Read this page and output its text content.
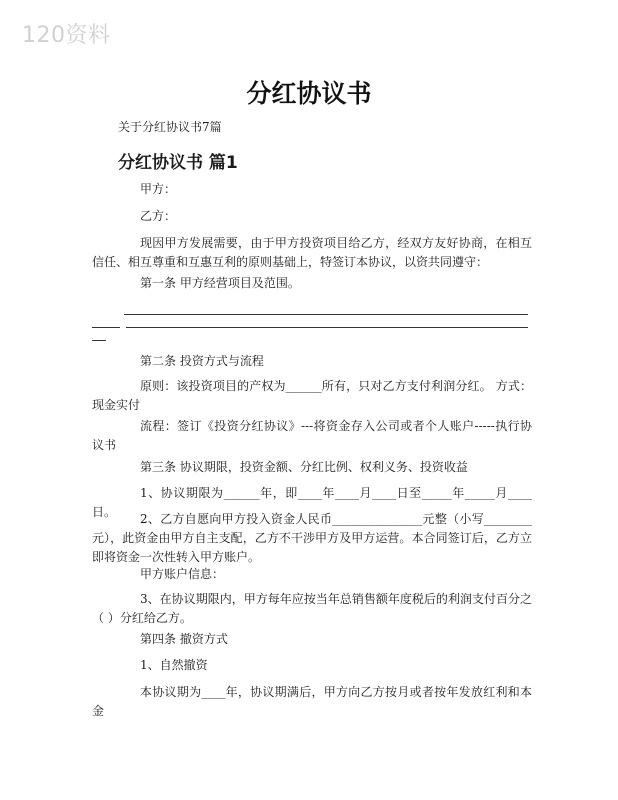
120资料
分红协议书
关于分红协议书7篇
分红协议书 篇1
甲方：
乙方：
现因甲方发展需要，由于甲方投资项目给乙方，经双方友好协商，在相互信任、相互尊重和互惠互利的原则基础上，特签订本协议，以资共同遵守：
第一条 甲方经营项目及范围。
第二条 投资方式与流程
原则：该投资项目的产权为______所有，只对乙方支付利润分红。 方式：现金实付
流程：签订《投资分红协议》---将资金存入公司或者个人账户-----执行协议书
第三条 协议期限，投资金额、分红比例、权利义务、投资收益
1、协议期限为______年，即____年____月____日至_____年_____月____日。	2、乙方自愿向甲方投入资金人民币_______________元整（小写________元），此资金由甲方自主支配，乙方不干涉甲方及甲方运营。本合同签订后，乙方立即将资金一次性转入甲方账户。
甲方账户信息：
3、在协议期限内，甲方每年应按当年总销售额年度税后的利润支付百分之（ ）分红给乙方。
第四条 撤资方式
1、自然撤资
本协议期为____年，协议期满后，甲方向乙方按月或者按年发放红利和本金
